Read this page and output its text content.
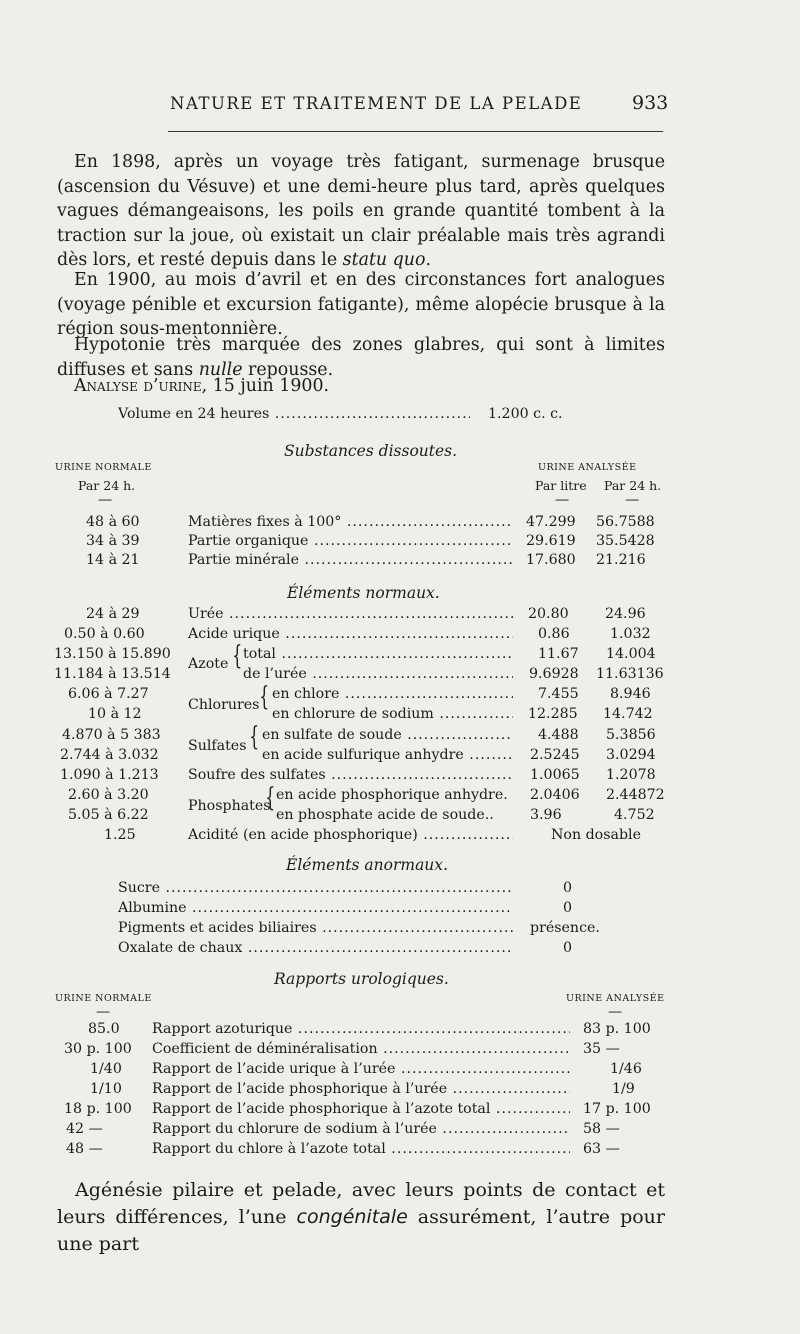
NATURE ET TRAITEMENT DE LA PELADE	933
En 1898, après un voyage très fatigant, surmenage brusque (ascension du Vésuve) et une demi-heure plus tard, après quelques vagues démangeaisons, les poils en grande quantité tombent à la traction sur la joue, où existait un clair préalable mais très agrandi dès lors, et resté depuis dans le statu quo.
En 1900, au mois d’avril et en des circonstances fort analogues (voyage pénible et excursion fatigante), même alopécie brusque à la région sous-mentonnière.
Hypotonie très marquée des zones glabres, qui sont à limites diffuses et sans nulle repousse.
Analyse d’urine, 15 juin 1900.
Volume en 24 heures .....	1.200 c. c.
Substances dissoutes.
URINE NORMALE	URINE ANALYSÉE
Par 24 h.	Par litre Par 24 h.
—	—	—
48 à 60	Matières fixes à 100° .....	47.299 56.7588
34 à 39	Partie organique .....	29.619 35.5428
14 à 21	Partie minérale .....	17.680 21.216
Éléments normaux.
24 à 29	Urée .....	20.80	24.96
0.50 à 0.60	Acide urique .....	0.86	1.032
Azote {
13.150 à 15.890	total .....	11.67 14.004
11.184 à 13.514	de l’urée .....	9.6928 11.63136
Chlorures {
6.06 à 7.27	en chlore .....	7.455 8.946
10 à 12	en chlorure de sodium .....	12.285 14.742
Sulfates {
4.870 à 5 383	en sulfate de soude .....	4.488 5.3856
2.744 à 3.032	en acide sulfurique anhydre .....	2.5245 3.0294
1.090 à 1.213 Soufre des sulfates .....	1.0065 1.2078
Phosphates
{
2.60 à 3.20	en acide phosphorique anhydre. 2.0406 2.44872
5.05 à 6.22	en phosphate acide de soude..	3.96	4.752
1.25	Acidité (en acide phosphorique) .....	Non dosable
Éléments anormaux.
Sucre .....	0
Albumine .....	0
Pigments et acides biliaires .....	présence.
Oxalate de chaux .....	0
Rapports urologiques.
URINE NORMALE	URINE ANALYSÉE
—	—
85.0 Rapport azoturique .....	83 p. 100
30 p. 100 Coefficient de déminéralisation .....	35 —
1/40 Rapport de l’acide urique à l’urée .....	1/46
1/10 Rapport de l’acide phosphorique à l’urée .....	1/9
18 p. 100 Rapport de l’acide phosphorique à l’azote total .....	17 p. 100
42 —	Rapport du chlorure de sodium à l’urée .....	58 —
48 —	Rapport du chlore à l’azote total .....	63 —
Agénésie pilaire et pelade, avec leurs points de contact et leurs différences, l’une congénitale assurément, l’autre pour une part
